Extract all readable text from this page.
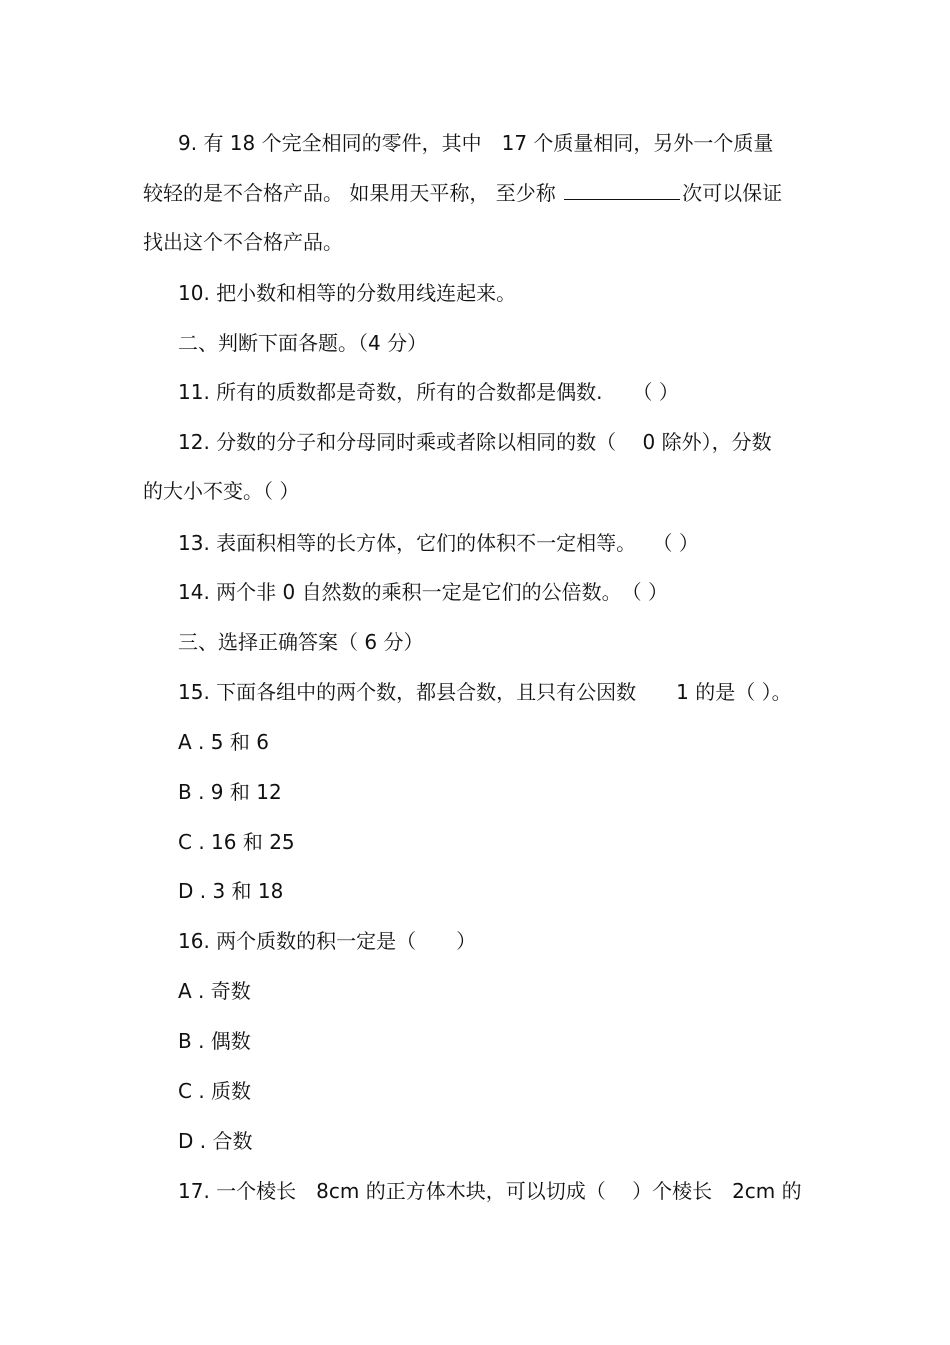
9. 有 18 个完全相同的零件，其中　17 个质量相同，另外一个质量
较轻的是不合格产品。 如果用天平称， 至少称	次可以保证
找出这个不合格产品。
10. 把小数和相等的分数用线连起来。
二、判断下面各题。（4 分）
11. 所有的质数都是奇数，所有的合数都是偶数.　　（ ）
12. 分数的分子和分母同时乘或者除以相同的数（　 0 除外），分数
的大小不变。（ ）
13. 表面积相等的长方体，它们的体积不一定相等。　 （ ）
14. 两个非 0 自然数的乘积一定是它们的公倍数。　（ ）
三、选择正确答案（ 6 分）
15. 下面各组中的两个数，都县合数，且只有公因数　　1 的是（ ）。
A . 5 和 6
B . 9 和 12
C . 16 和 25
D . 3 和 18
16. 两个质数的积一定是（　　）
A . 奇数
B . 偶数
C . 质数
D . 合数
17. 一个棱长　8cm 的正方体木块，可以切成（　 ）个棱长　2cm 的
